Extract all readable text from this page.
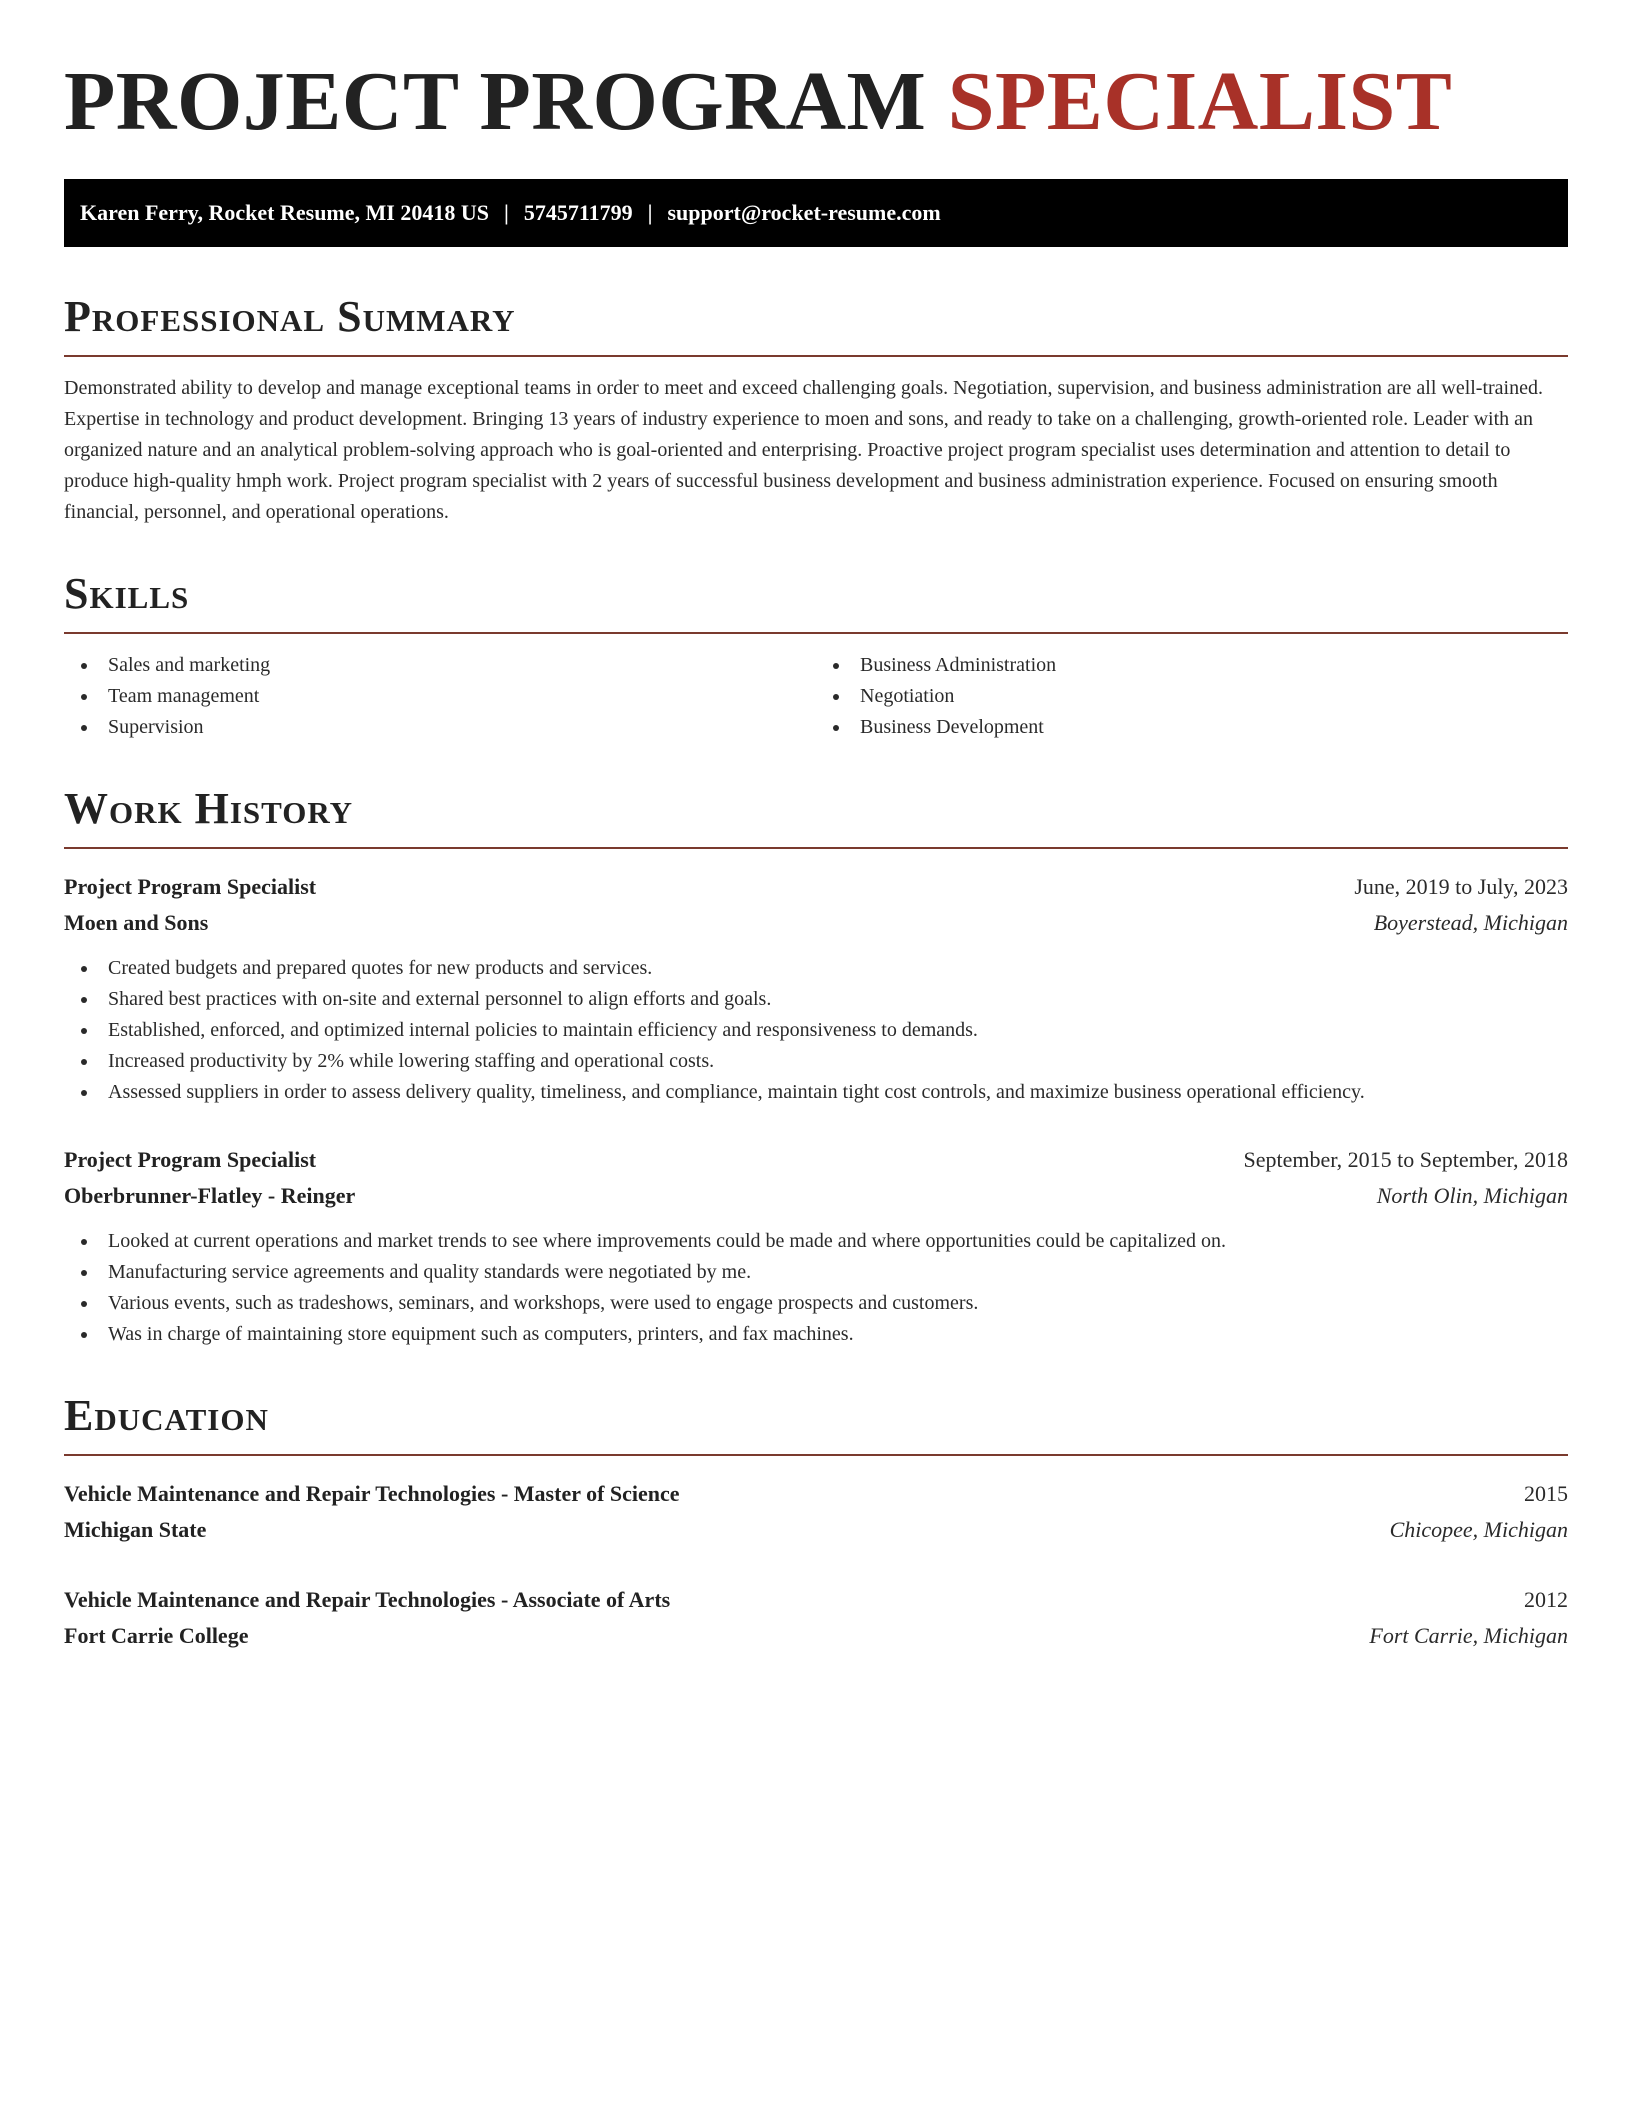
PROJECT PROGRAM SPECIALIST
Karen Ferry, Rocket Resume, MI 20418 US | 5745711799 | support@rocket-resume.com
Professional Summary

Demonstrated ability to develop and manage exceptional teams in order to meet and exceed challenging goals. Negotiation, supervision, and business administration are all well-trained. Expertise in technology and product development. Bringing 13 years of industry experience to moen and sons, and ready to take on a challenging, growth-oriented role. Leader with an organized nature and an analytical problem-solving approach who is goal-oriented and enterprising. Proactive project program specialist uses determination and attention to detail to produce high-quality hmph work. Project program specialist with 2 years of successful business development and business administration experience. Focused on ensuring smooth financial, personnel, and operational operations.

Skills
Sales and marketing
Team management
Supervision
Business Administration
Negotiation
Business Development
Work History
Project Program Specialist	June, 2019 to July, 2023
Moen and Sons	Boyerstead, Michigan
Created budgets and prepared quotes for new products and services.
Shared best practices with on-site and external personnel to align efforts and goals.
Established, enforced, and optimized internal policies to maintain efficiency and responsiveness to demands.
Increased productivity by 2% while lowering staffing and operational costs.
Assessed suppliers in order to assess delivery quality, timeliness, and compliance, maintain tight cost controls, and maximize business operational efficiency.
Project Program Specialist	September, 2015 to September, 2018
Oberbrunner-Flatley - Reinger	North Olin, Michigan
Looked at current operations and market trends to see where improvements could be made and where opportunities could be capitalized on.
Manufacturing service agreements and quality standards were negotiated by me.
Various events, such as tradeshows, seminars, and workshops, were used to engage prospects and customers.
Was in charge of maintaining store equipment such as computers, printers, and fax machines.
Education
Vehicle Maintenance and Repair Technologies - Master of Science	2015
Michigan State	Chicopee, Michigan
Vehicle Maintenance and Repair Technologies - Associate of Arts	2012
Fort Carrie College	Fort Carrie, Michigan
